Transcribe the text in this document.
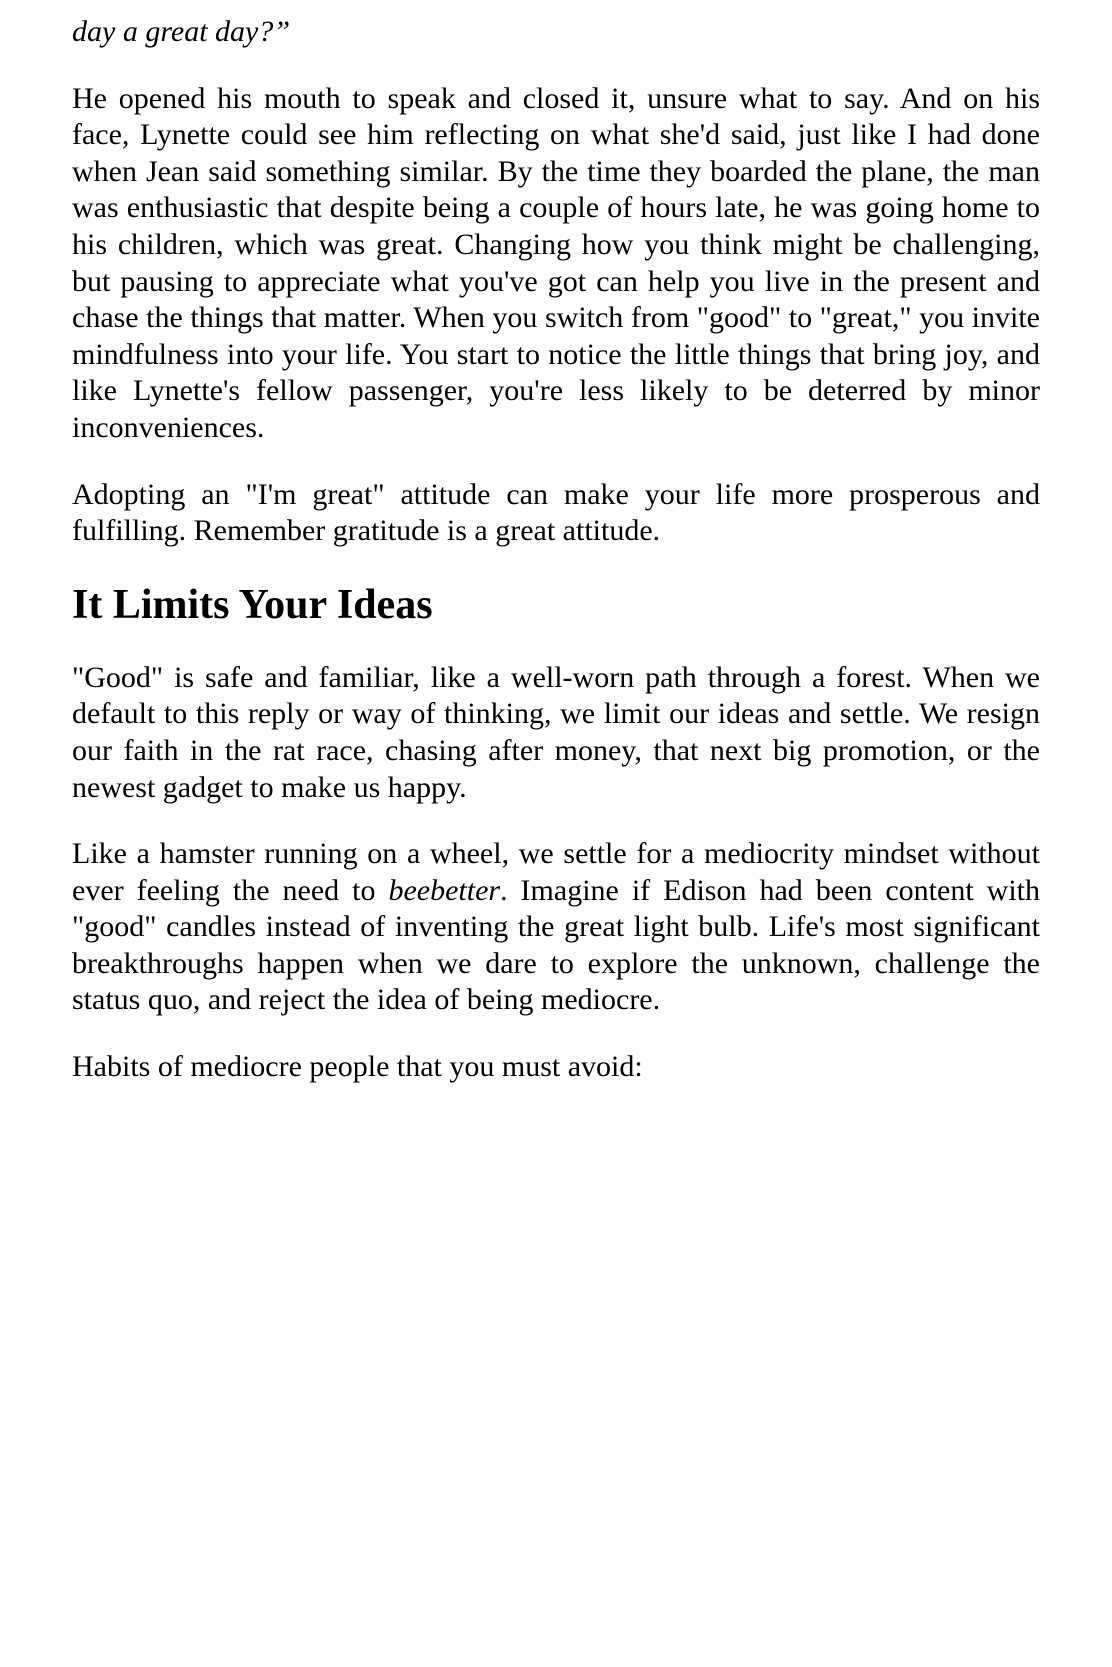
day a great day?”

He opened his mouth to speak and closed it, unsure what to say. And on his face, Lynette could see him reflecting on what she'd said, just like I had done when Jean said something similar. By the time they boarded the plane, the man was enthusiastic that despite being a couple of hours late, he was going home to his children, which was great. Changing how you think might be challenging, but pausing to appreciate what you've got can help you live in the present and chase the things that matter. When you switch from "good" to "great," you invite mindfulness into your life. You start to notice the little things that bring joy, and like Lynette's fellow passenger, you're less likely to be deterred by minor inconveniences.

Adopting an "I'm great" attitude can make your life more prosperous and fulfilling. Remember gratitude is a great attitude.

It Limits Your Ideas

"Good" is safe and familiar, like a well-worn path through a forest. When we default to this reply or way of thinking, we limit our ideas and settle. We resign our faith in the rat race, chasing after money, that next big promotion, or the newest gadget to make us happy.

Like a hamster running on a wheel, we settle for a mediocrity mindset without ever feeling the need to beebetter. Imagine if Edison had been content with "good" candles instead of inventing the great light bulb. Life's most significant breakthroughs happen when we dare to explore the unknown, challenge the status quo, and reject the idea of being mediocre.

Habits of mediocre people that you must avoid:
